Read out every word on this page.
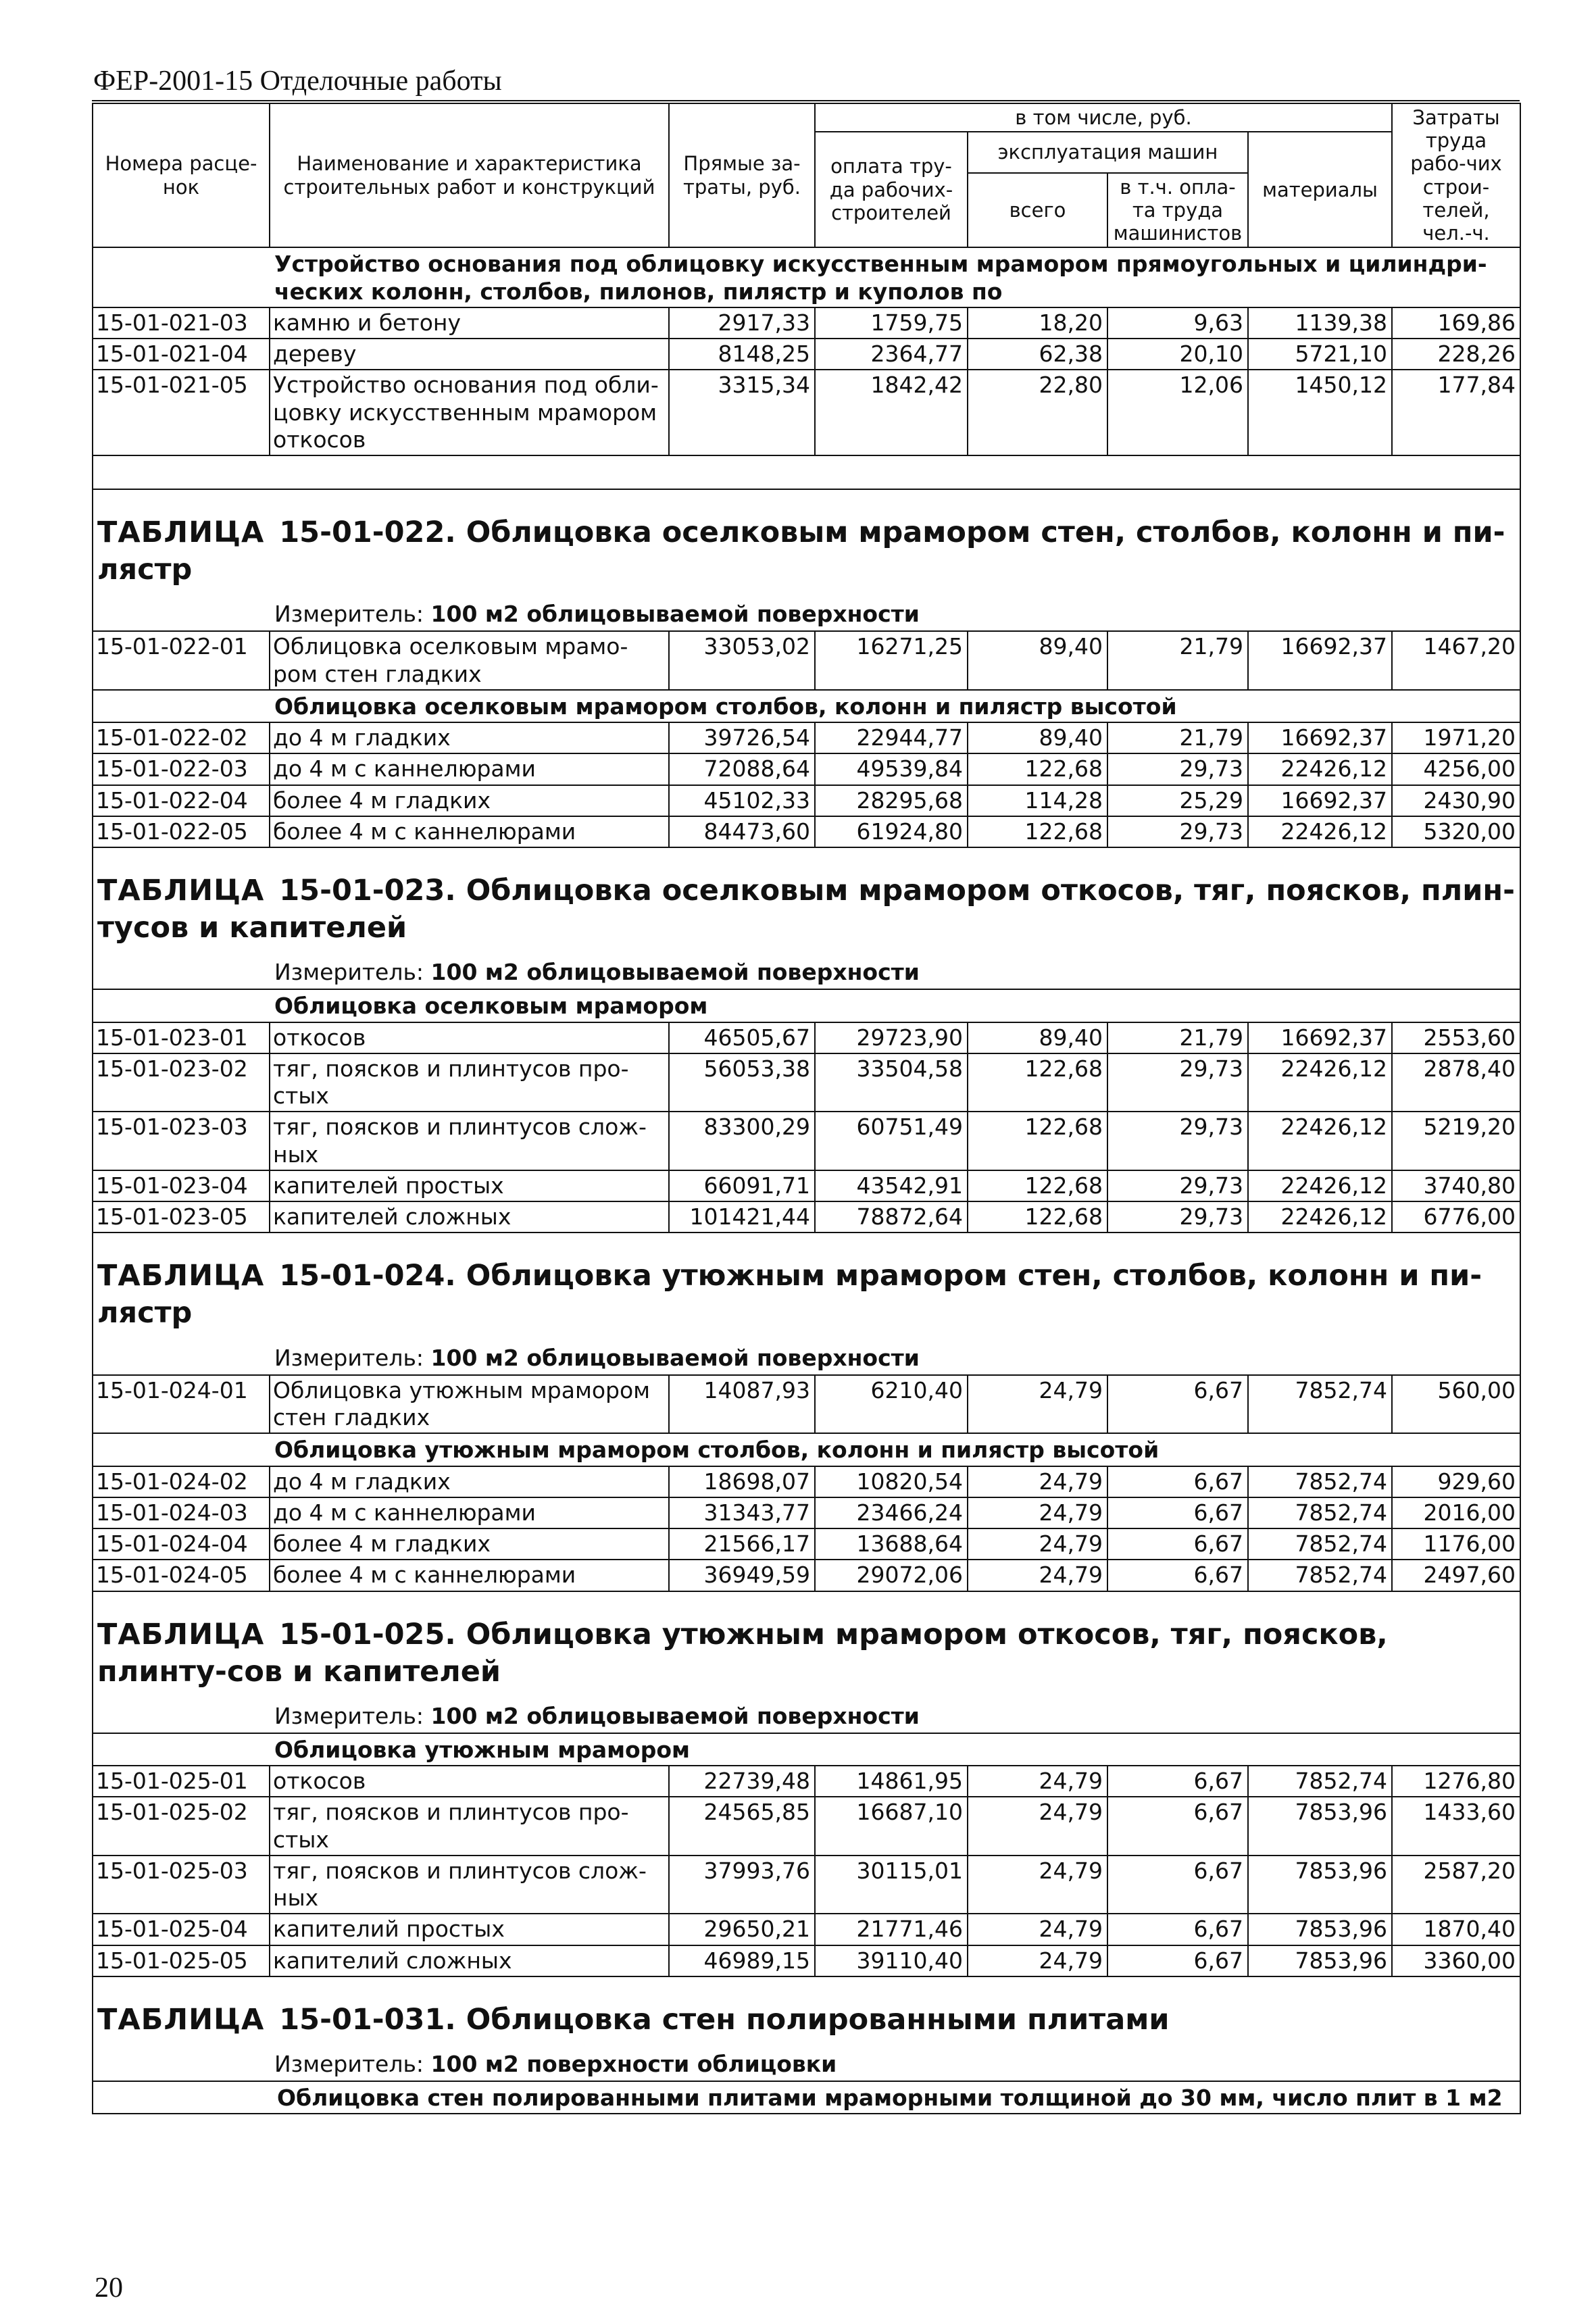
ФЕР-2001-15 Отделочные работы
Номера расце-нок	Наименование и характеристика строительных работ и конструкций	Прямые за-траты, руб.	в том числе, руб.				Затраты труда рабо-чих строи-телей, чел.-ч.
			оплата тру-да рабочих-строителей	эксплуатация машин		материалы	
				всего	в т.ч. опла-та труда машинистов		
Устройство основания под облицовку искусственным мрамором прямоугольных и цилиндри-ческих колонн, столбов, пилонов, пилястр и куполов по							
15-01-021-03	камню и бетону	2917,33	1759,75	18,20	9,63	1139,38	169,86
15-01-021-04	дереву	8148,25	2364,77	62,38	20,10	5721,10	228,26
15-01-021-05	Устройство основания под обли-цовку искусственным мрамором откосов	3315,34	1842,42	22,80	12,06	1450,12	177,84

ТАБЛИЦА 15-01-022. Облицовка оселковым мрамором стен, столбов, колонн и пи-лястр							
Измеритель: 100 м2 облицовываемой поверхности							
15-01-022-01	Облицовка оселковым мрамо-ром стен гладких	33053,02	16271,25	89,40	21,79	16692,37	1467,20
Облицовка оселковым мрамором столбов, колонн и пилястр высотой							
15-01-022-02	до 4 м гладких	39726,54	22944,77	89,40	21,79	16692,37	1971,20
15-01-022-03	до 4 м с каннелюрами	72088,64	49539,84	122,68	29,73	22426,12	4256,00
15-01-022-04	более 4 м гладких	45102,33	28295,68	114,28	25,29	16692,37	2430,90
15-01-022-05	более 4 м с каннелюрами	84473,60	61924,80	122,68	29,73	22426,12	5320,00
ТАБЛИЦА 15-01-023. Облицовка оселковым мрамором откосов, тяг, поясков, плин-тусов и капителей							
Измеритель: 100 м2 облицовываемой поверхности							
Облицовка оселковым мрамором							
15-01-023-01	откосов	46505,67	29723,90	89,40	21,79	16692,37	2553,60
15-01-023-02	тяг, поясков и плинтусов про-стых	56053,38	33504,58	122,68	29,73	22426,12	2878,40
15-01-023-03	тяг, поясков и плинтусов слож-ных	83300,29	60751,49	122,68	29,73	22426,12	5219,20
15-01-023-04	капителей простых	66091,71	43542,91	122,68	29,73	22426,12	3740,80
15-01-023-05	капителей сложных	101421,44	78872,64	122,68	29,73	22426,12	6776,00
ТАБЛИЦА 15-01-024. Облицовка утюжным мрамором стен, столбов, колонн и пи-лястр							
Измеритель: 100 м2 облицовываемой поверхности							
15-01-024-01	Облицовка утюжным мрамором стен гладких	14087,93	6210,40	24,79	6,67	7852,74	560,00
Облицовка утюжным мрамором столбов, колонн и пилястр высотой							
15-01-024-02	до 4 м гладких	18698,07	10820,54	24,79	6,67	7852,74	929,60
15-01-024-03	до 4 м с каннелюрами	31343,77	23466,24	24,79	6,67	7852,74	2016,00
15-01-024-04	более 4 м гладких	21566,17	13688,64	24,79	6,67	7852,74	1176,00
15-01-024-05	более 4 м с каннелюрами	36949,59	29072,06	24,79	6,67	7852,74	2497,60
ТАБЛИЦА 15-01-025. Облицовка утюжным мрамором откосов, тяг, поясков, плинту-сов и капителей							
Измеритель: 100 м2 облицовываемой поверхности							
Облицовка утюжным мрамором							
15-01-025-01	откосов	22739,48	14861,95	24,79	6,67	7852,74	1276,80
15-01-025-02	тяг, поясков и плинтусов про-стых	24565,85	16687,10	24,79	6,67	7853,96	1433,60
15-01-025-03	тяг, поясков и плинтусов слож-ных	37993,76	30115,01	24,79	6,67	7853,96	2587,20
15-01-025-04	капителий простых	29650,21	21771,46	24,79	6,67	7853,96	1870,40
15-01-025-05	капителий сложных	46989,15	39110,40	24,79	6,67	7853,96	3360,00
ТАБЛИЦА 15-01-031. Облицовка стен полированными плитами							
Измеритель: 100 м2 поверхности облицовки							
Облицовка стен полированными плитами мраморными толщиной до 30 мм, число плит в 1 м2							
20
